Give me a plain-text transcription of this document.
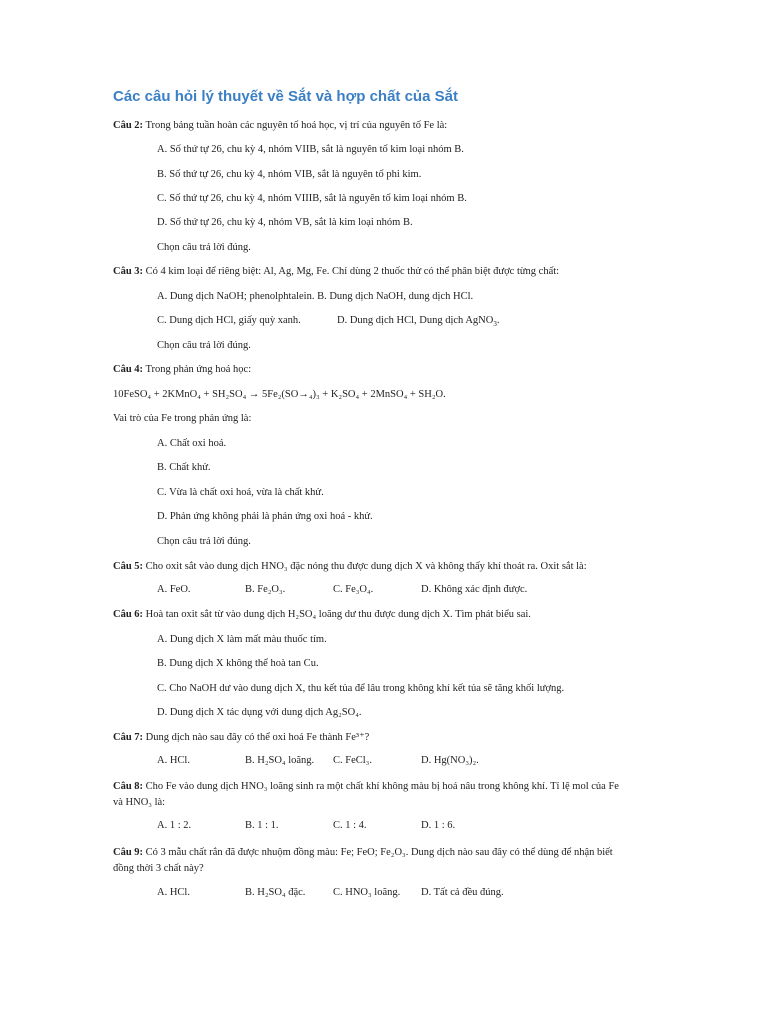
Các câu hỏi lý thuyết về Sắt và hợp chất của Sắt
Câu 2: Trong bảng tuần hoàn các nguyên tố hoá học, vị trí của nguyên tố Fe là:
A. Số thứ tự 26, chu kỳ 4, nhóm VIIB, sắt là nguyên tố kim loại nhóm B.
B. Số thứ tự 26, chu kỳ 4, nhóm VIB, sắt là nguyên tố phi kim.
C. Số thứ tự 26, chu kỳ 4, nhóm VIIIB, sắt là nguyên tố kim loại nhóm B.
D. Số thứ tự 26, chu kỳ 4, nhóm VB, sắt là kim loại nhóm B.
Chọn câu trả lời đúng.
Câu 3: Có 4 kim loại để riêng biệt: Al, Ag, Mg, Fe. Chỉ dùng 2 thuốc thử có thể phân biệt được từng chất:
A. Dung dịch NaOH; phenolphtalein. B. Dung dịch NaOH, dung dịch HCl.
C. Dung dịch HCl, giấy quỳ xanh.	D. Dung dịch HCl, Dung dịch AgNO$_3$.
Chọn câu trả lời đúng.
Câu 4: Trong phản ứng hoá học:
10FeSO₄ + 2KMnO₄ + SH₂SO₄ → 5Fe₂(SO→₄)₃ + K₂SO₄ + 2MnSO₄ + SH₂O.
Vai trò của Fe trong phản ứng là:
A. Chất oxi hoá.
B. Chất khử.
C. Vừa là chất oxi hoá, vừa là chất khử.
D. Phản ứng không phải là phản ứng oxi hoá - khử.
Chọn câu trả lời đúng.
Câu 5: Cho oxit sắt vào dung dịch HNO₃ đặc nóng thu được dung dịch X và không thấy khí thoát ra. Oxit sắt là:
A. FeO.	B. Fe₂O₃.	C. Fe₃O₄.	D. Không xác định được.
Câu 6: Hoà tan oxit sắt từ vào dung dịch H₂SO₄ loãng dư thu được dung dịch X. Tìm phát biểu sai.
A. Dung dịch X làm mất màu thuốc tím.
B. Dung dịch X không thể hoà tan Cu.
C. Cho NaOH dư vào dung dịch X, thu kết tủa để lâu trong không khí kết tủa sẽ tăng khối lượng.
D. Dung dịch X tác dụng với dung dịch Ag₂SO₄.
Câu 7: Dung dịch nào sau đây có thể oxi hoá Fe thành Fe³⁺?
A. HCl.	B. H₂SO₄ loãng. C. FeCl₃.	D. Hg(NO₃)₂.
Câu 8: Cho Fe vào dung dịch HNO₃ loãng sinh ra một chất khí không màu bị hoá nâu trong không khí. Tỉ lệ mol của Fe
và HNO₃ là:
A. 1 : 2.	B. 1 : 1.	C. 1 : 4.	D. 1 : 6.
Câu 9: Có 3 mẫu chất rắn đã được nhuộm đồng màu: Fe; FeO; Fe₂O₃. Dung dịch nào sau đây có thể dùng để nhận biết
đồng thời 3 chất này?
A. HCl.	B. H₂SO₄ đặc.	C. HNO₃ loãng. D. Tất cả đều đúng.
